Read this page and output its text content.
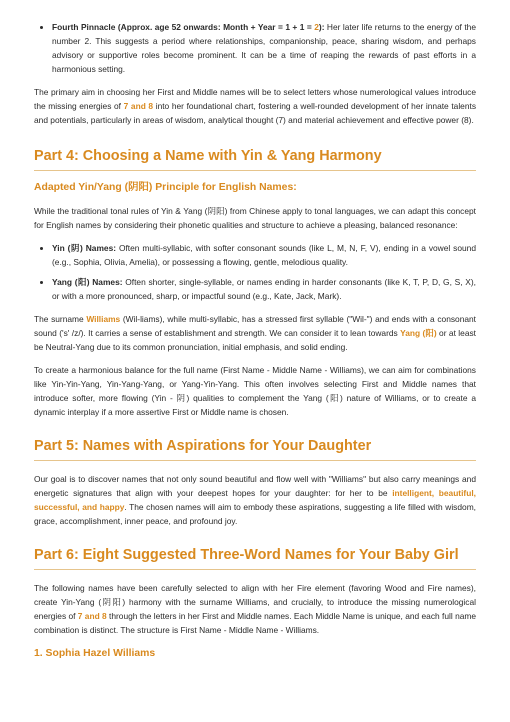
• Fourth Pinnacle (Approx. age 52 onwards: Month + Year = 1 + 1 = 2): Her later life returns to the energy of the number 2. This suggests a period where relationships, companionship, peace, sharing wisdom, and perhaps advisory or supportive roles become prominent. It can be a time of reaping the rewards of past efforts in a harmonious setting.

The primary aim in choosing her First and Middle names will be to select letters whose numerological values introduce the missing energies of 7 and 8 into her foundational chart, fostering a well-rounded development of her innate talents and potentials, particularly in areas of wisdom, analytical thought (7) and material achievement and effective power (8).

Part 4: Choosing a Name with Yin & Yang Harmony
Adapted Yin/Yang (阴阳) Principle for English Names:

While the traditional tonal rules of Yin & Yang (阴阳) from Chinese apply to tonal languages, we can adapt this concept for English names by considering their phonetic qualities and structure to achieve a pleasing, balanced resonance:

• Yin (阴) Names: Often multi-syllabic, with softer consonant sounds (like L, M, N, F, V), ending in a vowel sound (e.g., Sophia, Olivia, Amelia), or possessing a flowing, gentle, melodious quality.
• Yang (阳) Names: Often shorter, single-syllable, or names ending in harder consonants (like K, T, P, D, G, S, X), or with a more pronounced, sharp, or impactful sound (e.g., Kate, Jack, Mark).

The surname Williams (Wil-liams), while multi-syllabic, has a stressed first syllable ("Wil-") and ends with a consonant sound ('s' /z/). It carries a sense of establishment and strength. We can consider it to lean towards Yang (阳) or at least be Neutral-Yang due to its common pronunciation, initial emphasis, and solid ending.

To create a harmonious balance for the full name (First Name - Middle Name - Williams), we can aim for combinations like Yin-Yin-Yang, Yin-Yang-Yang, or Yang-Yin-Yang. This often involves selecting First and Middle names that introduce softer, more flowing (Yin - 阴) qualities to complement the Yang (阳) nature of Williams, or to create a dynamic interplay if a more assertive First or Middle name is chosen.

Part 5: Names with Aspirations for Your Daughter

Our goal is to discover names that not only sound beautiful and flow well with "Williams" but also carry meanings and energetic signatures that align with your deepest hopes for your daughter: for her to be intelligent, beautiful, successful, and happy. The chosen names will aim to embody these aspirations, suggesting a life filled with wisdom, grace, accomplishment, inner peace, and profound joy.

Part 6: Eight Suggested Three-Word Names for Your Baby Girl

The following names have been carefully selected to align with her Fire element (favoring Wood and Fire names), create Yin-Yang (阴阳) harmony with the surname Williams, and crucially, to introduce the missing numerological energies of 7 and 8 through the letters in her First and Middle names. Each Middle Name is unique, and each full name combination is distinct. The structure is First Name - Middle Name - Williams.

1. Sophia Hazel Williams
